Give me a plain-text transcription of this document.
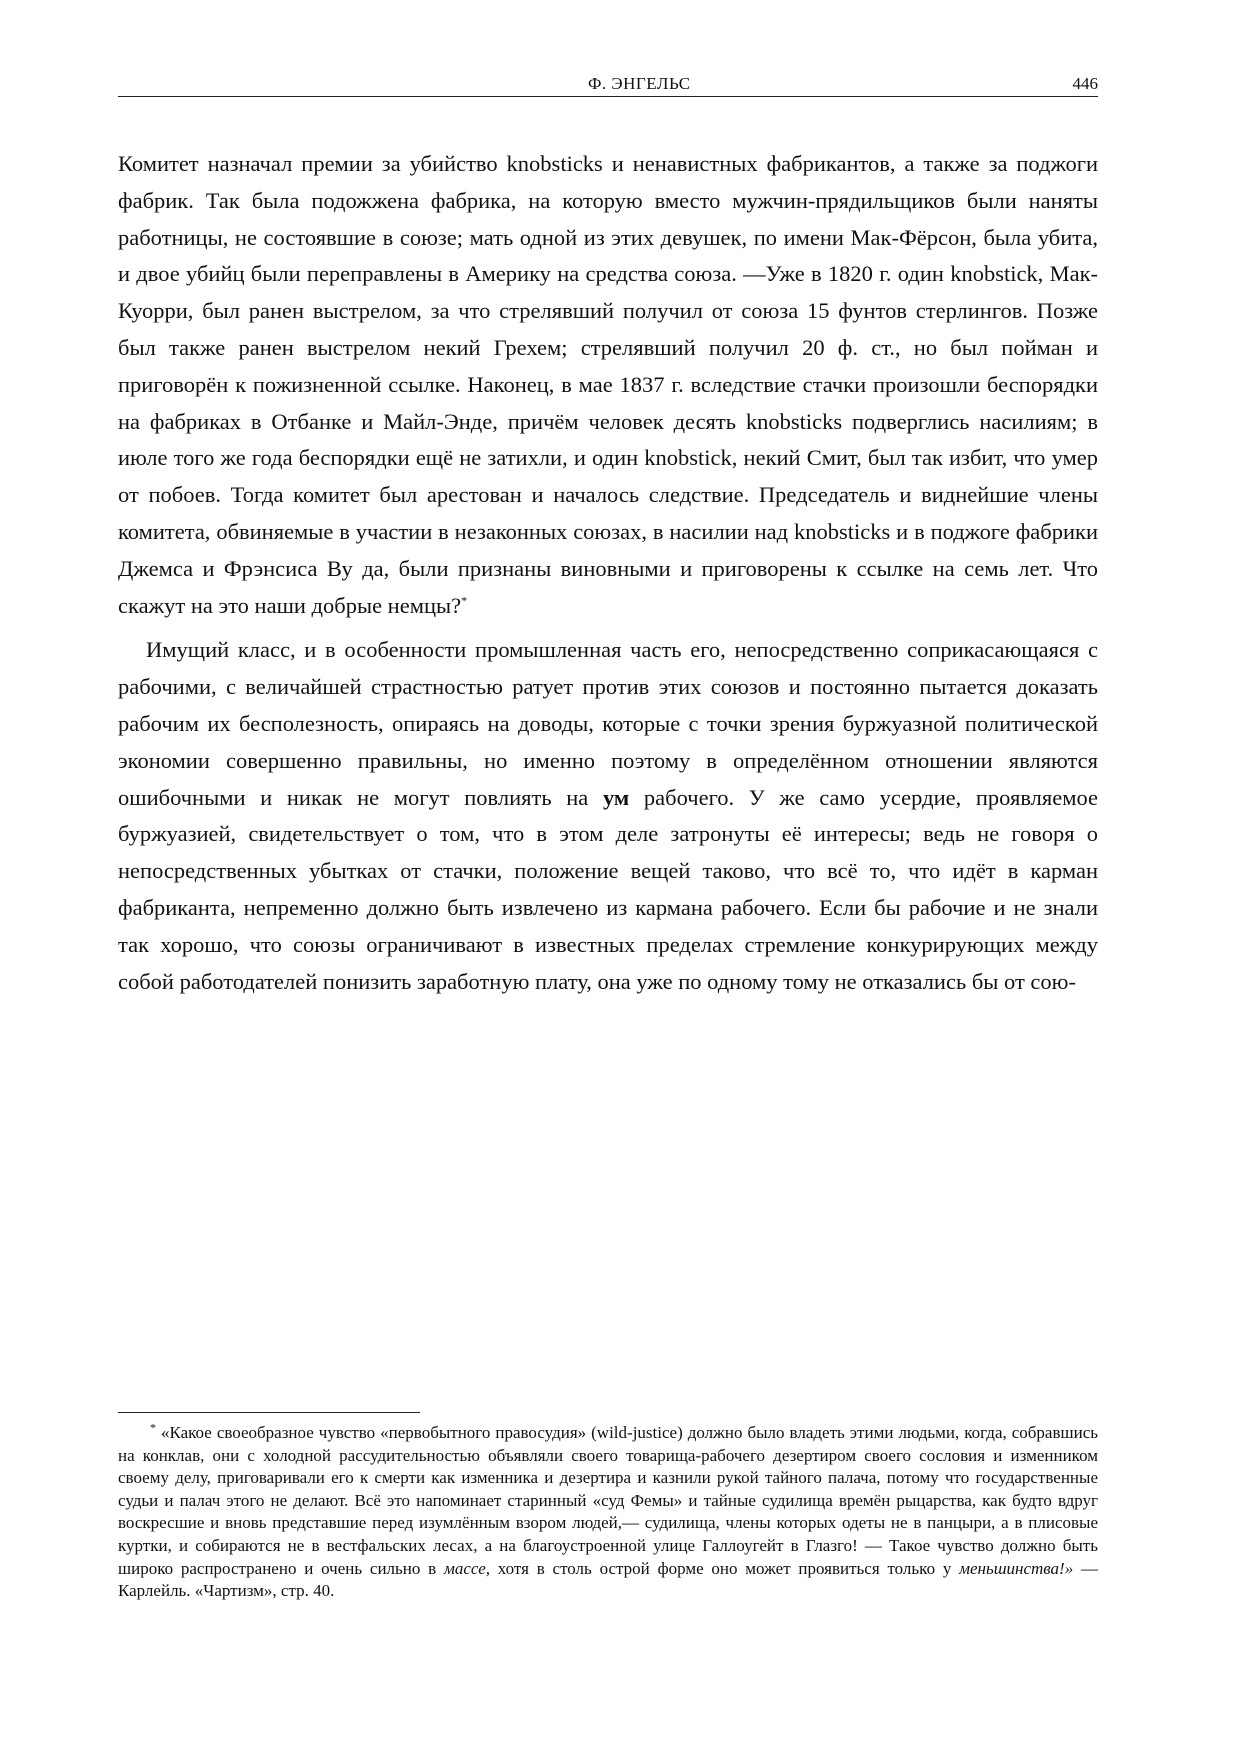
Ф. ЭНГЕЛЬС	446

Комитет назначал премии за убийство knobsticks и ненавистных фабрикантов, а также за поджоги фабрик. Так была подожжена фабрика, на которую вместо мужчин-прядильщиков были наняты работницы, не состоявшие в союзе; мать одной из этих девушек, по имени Мак-Фёрсон, была убита, и двое убийц были переправлены в Америку на средства союза. —Уже в 1820 г. один knobstick, Мак-Куорри, был ранен выстрелом, за что стрелявший получил от союза 15 фунтов стерлингов. Позже был также ранен выстрелом некий Грехем; стрелявший получил 20 ф. ст., но был пойман и приговорён к пожизненной ссылке. Наконец, в мае 1837 г. вследствие стачки произошли беспорядки на фабриках в Отбанке и Майл-Энде, причём человек десять knobsticks подверглись насилиям; в июле того же года беспорядки ещё не затихли, и один knobstick, некий Смит, был так избит, что умер от побоев. Тогда комитет был арестован и началось следствие. Председатель и виднейшие члены комитета, обвиняемые в участии в незаконных союзах, в насилии над knobsticks и в поджоге фабрики Джемса и Фрэнсиса Ву да, были признаны виновными и приговорены к ссылке на семь лет. Что скажут на это наши добрые немцы?*

Имущий класс, и в особенности промышленная часть его, непосредственно соприкасающаяся с рабочими, с величайшей страстностью ратует против этих союзов и постоянно пытается доказать рабочим их бесполезность, опираясь на доводы, которые с точки зрения буржуазной политической экономии совершенно правильны, но именно поэтому в определённом отношении являются ошибочными и никак не могут повлиять на ум рабочего. У же само усердие, проявляемое буржуазией, свидетельствует о том, что в этом деле затронуты её интересы; ведь не говоря о непосредственных убытках от стачки, положение вещей таково, что всё то, что идёт в карман фабриканта, непременно должно быть извлечено из кармана рабочего. Если бы рабочие и не знали так хорошо, что союзы ограничивают в известных пределах стремление конкурирующих между собой работодателей понизить заработную плату, она уже по одному тому не отказались бы от сою-

* «Какое своеобразное чувство «первобытного правосудия» (wild-justice) должно было владеть этими людьми, когда, собравшись на конклав, они с холодной рассудительностью объявляли своего товарища-рабочего дезертиром своего сословия и изменником своему делу, приговаривали его к смерти как изменника и дезертира и казнили рукой тайного палача, потому что государственные судьи и палач этого не делают. Всё это напоминает старинный «суд Фемы» и тайные судилища времён рыцарства, как будто вдруг воскресшие и вновь представшие перед изумлённым взором людей,— судилища, члены которых одеты не в панцыри, а в плисовые куртки, и собираются не в вестфальских лесах, а на благоустроенной улице Галлоугейт в Глазго! — Такое чувство должно быть широко распространено и очень сильно в массе, хотя в столь острой форме оно может проявиться только у меньшинства!» — Карлейль. «Чартизм», стр. 40.
